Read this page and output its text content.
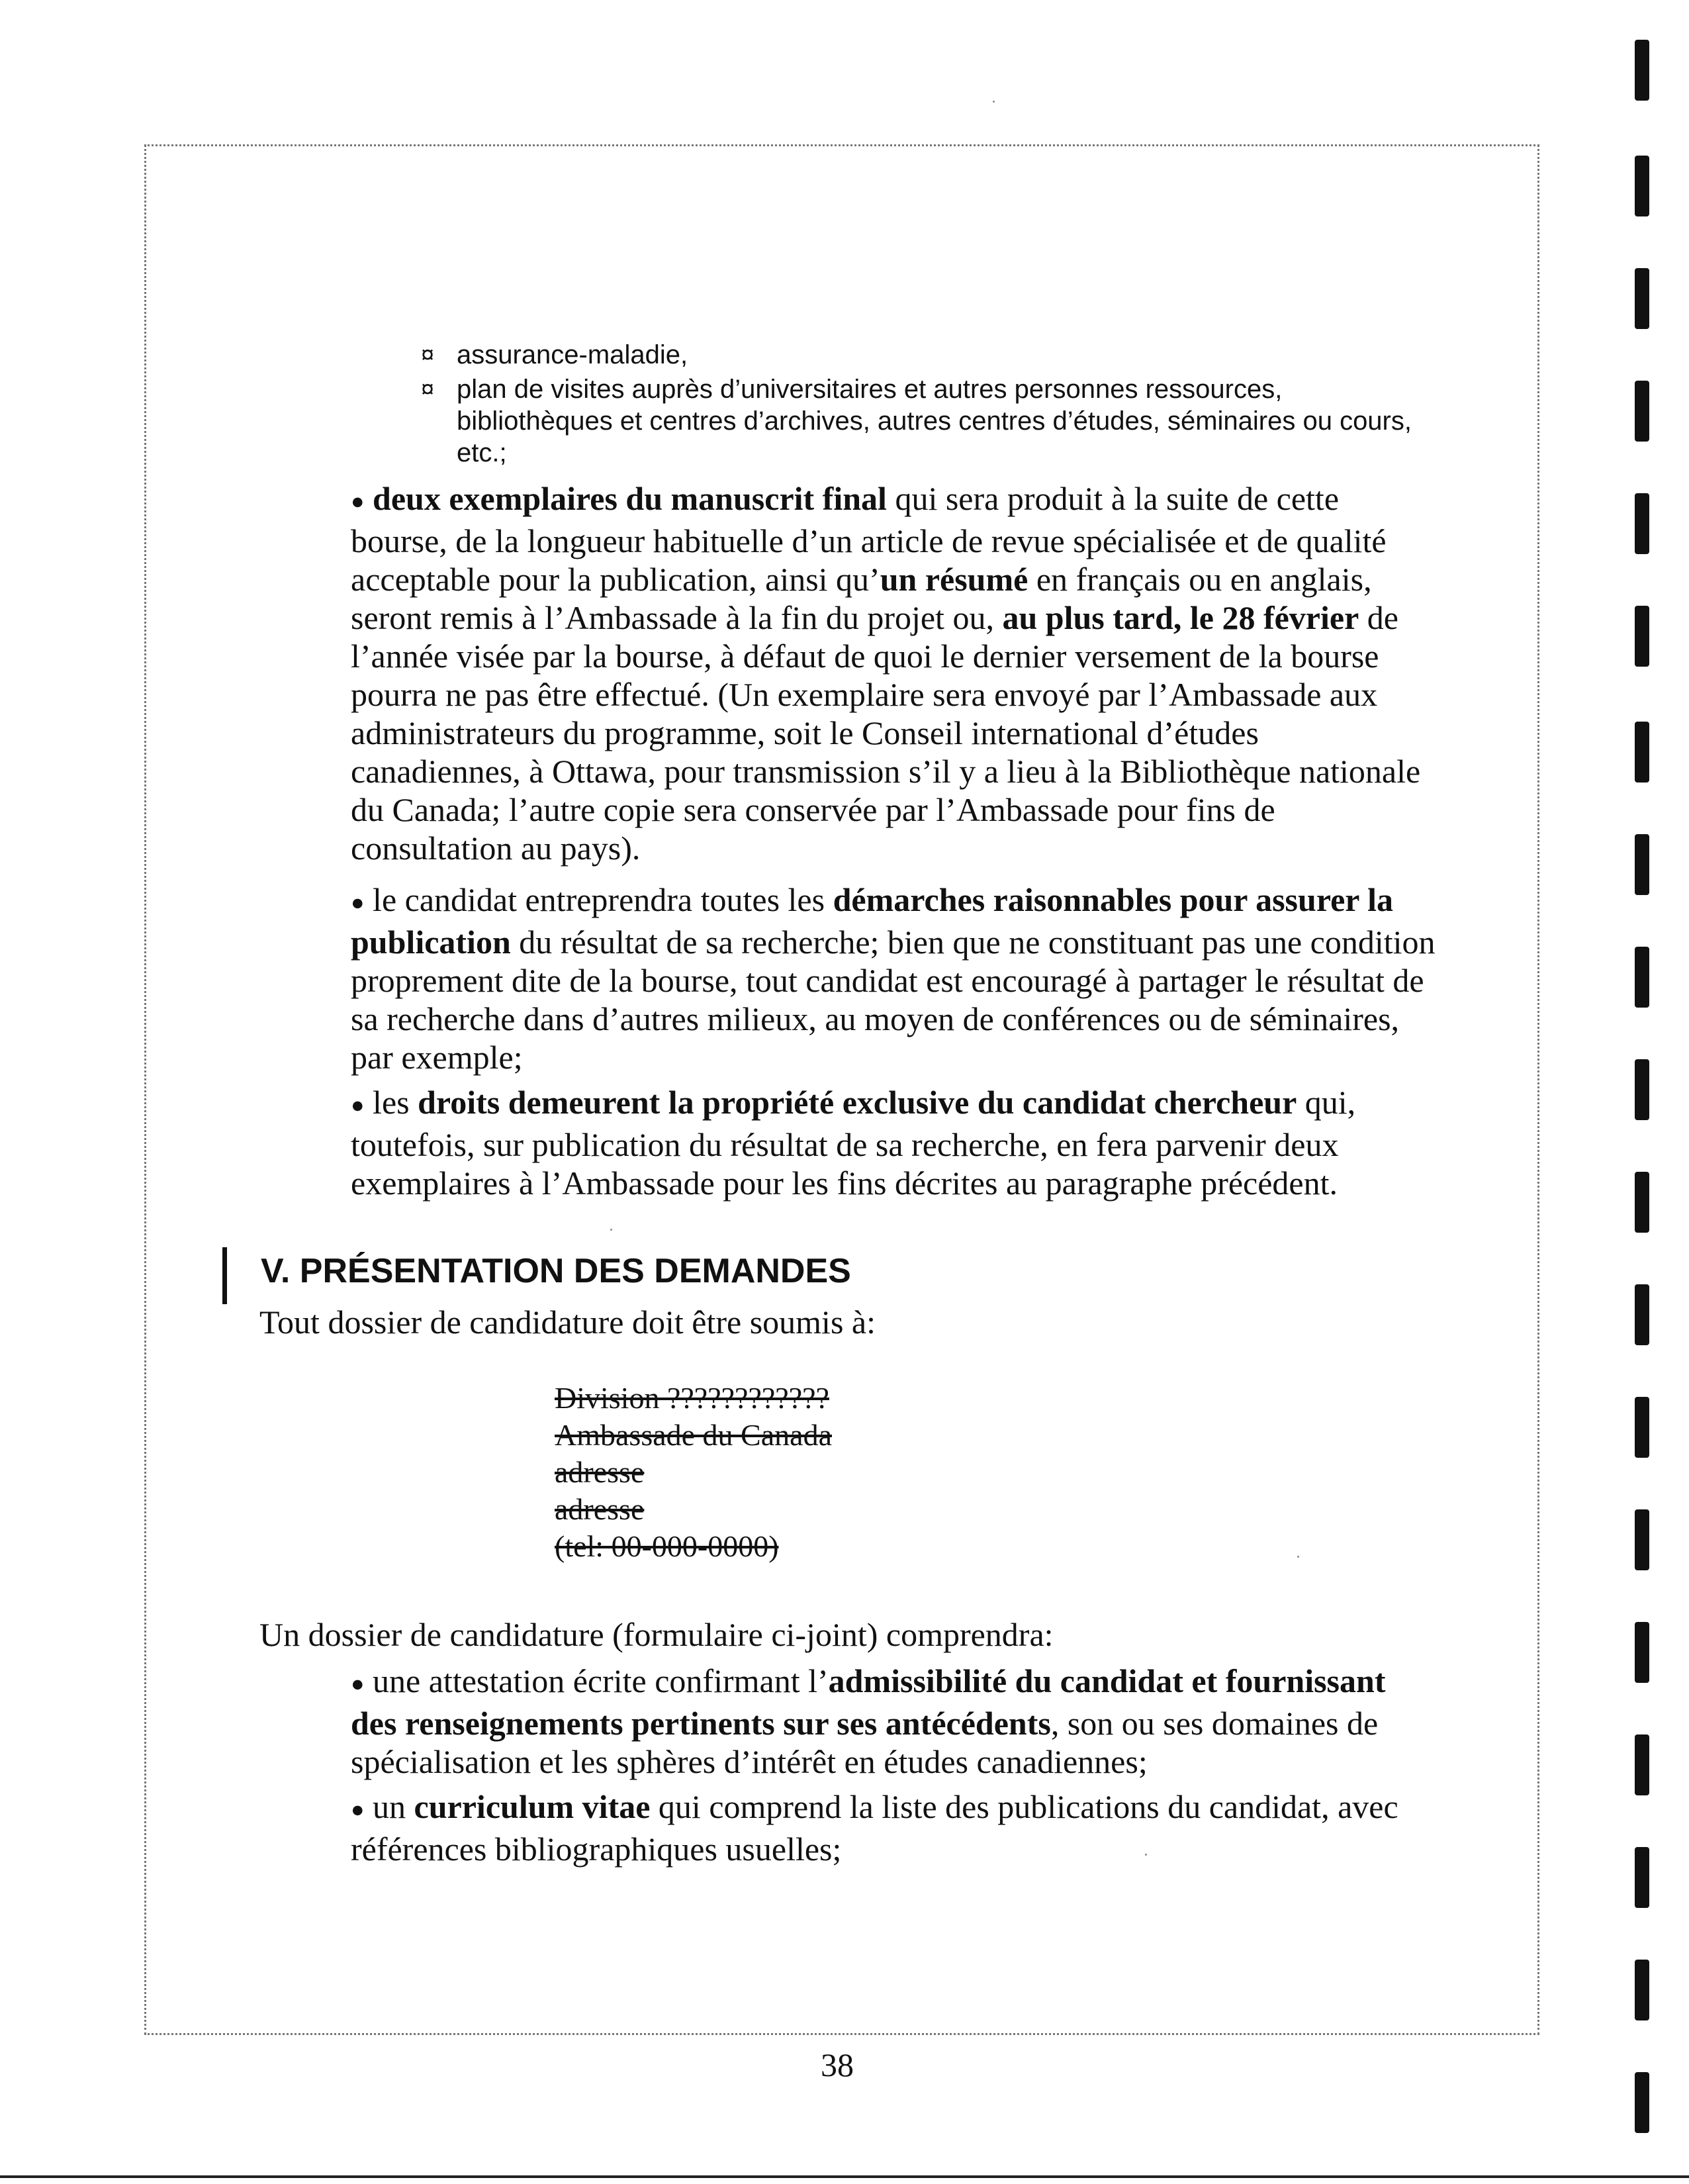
¤ assurance-maladie,
¤ plan de visites auprès d’universitaires et autres personnes ressources, bibliothèques et centres d’archives, autres centres d’études, séminaires ou cours, etc.;

● deux exemplaires du manuscrit final qui sera produit à la suite de cette bourse, de la longueur habituelle d’un article de revue spécialisée et de qualité acceptable pour la publication, ainsi qu’un résumé en français ou en anglais, seront remis à l’Ambassade à la fin du projet ou, au plus tard, le 28 février de l’année visée par la bourse, à défaut de quoi le dernier versement de la bourse pourra ne pas être effectué. (Un exemplaire sera envoyé par l’Ambassade aux administrateurs du programme, soit le Conseil international d’études canadiennes, à Ottawa, pour transmission s’il y a lieu à la Bibliothèque nationale du Canada; l’autre copie sera conservée par l’Ambassade pour fins de consultation au pays).

● le candidat entreprendra toutes les démarches raisonnables pour assurer la publication du résultat de sa recherche; bien que ne constituant pas une condition proprement dite de la bourse, tout candidat est encouragé à partager le résultat de sa recherche dans d’autres milieux, au moyen de conférences ou de séminaires, par exemple;

● les droits demeurent la propriété exclusive du candidat chercheur qui, toutefois, sur publication du résultat de sa recherche, en fera parvenir deux exemplaires à l’Ambassade pour les fins décrites au paragraphe précédent.

V. PRÉSENTATION DES DEMANDES
Tout dossier de candidature doit être soumis à:
Division ????????????
Ambassade du Canada
adresse
adresse
(tel: 00-000-0000)
Un dossier de candidature (formulaire ci-joint) comprendra:

● une attestation écrite confirmant l’admissibilité du candidat et fournissant des renseignements pertinents sur ses antécédents, son ou ses domaines de spécialisation et les sphères d’intérêt en études canadiennes;

● un curriculum vitae qui comprend la liste des publications du candidat, avec références bibliographiques usuelles;

38
